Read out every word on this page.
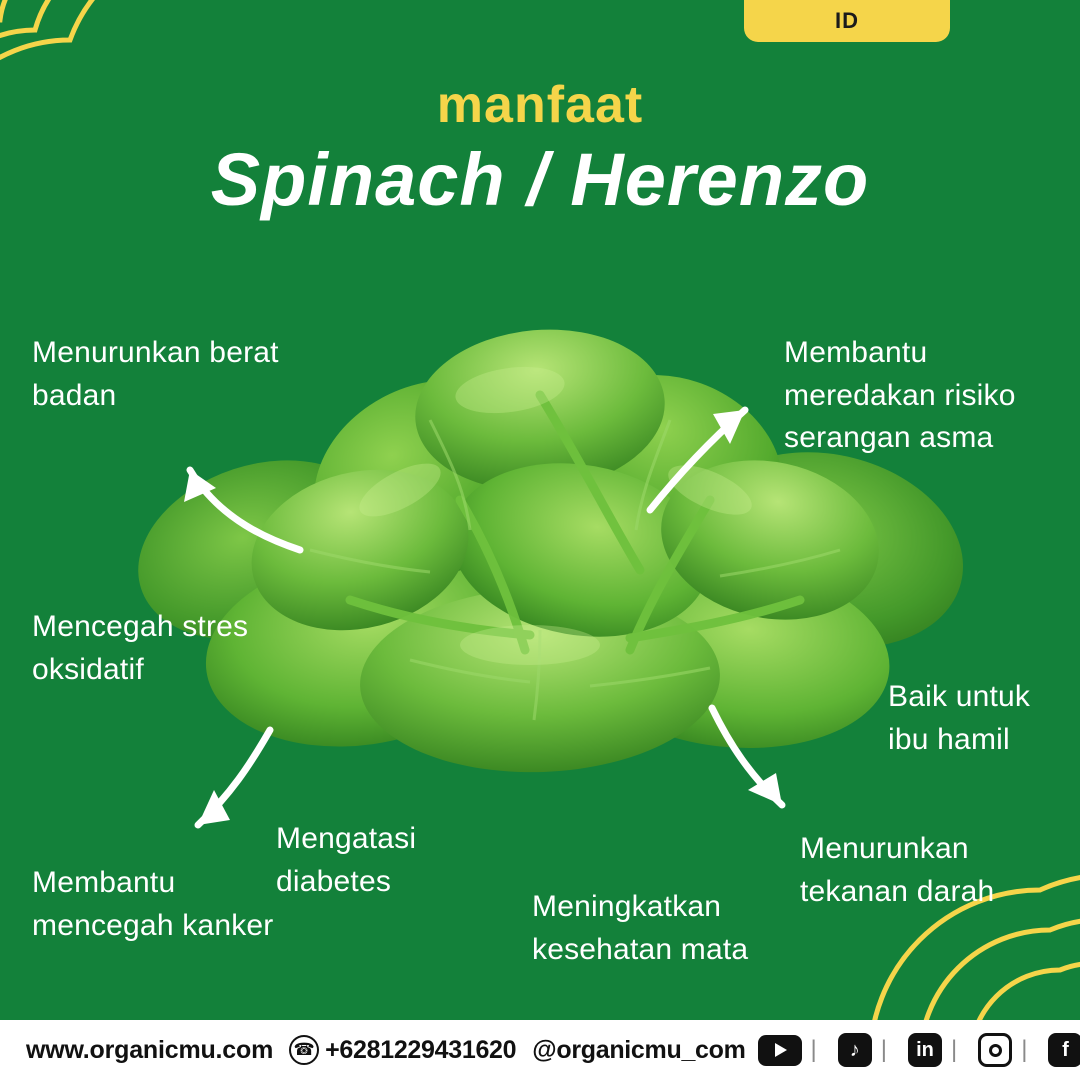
ID
manfaat
Spinach / Herenzo
Menurunkan berat badan
Membantu meredakan risiko serangan asma
Mencegah stres oksidatif
Baik untuk ibu hamil
Membantu mencegah kanker
Mengatasi diabetes
Meningkatkan kesehatan mata
Menurunkan tekanan darah
www.organicmu.com ☎ +6281229431620 @organicmu_com	|	♪ |	in |	|	f
